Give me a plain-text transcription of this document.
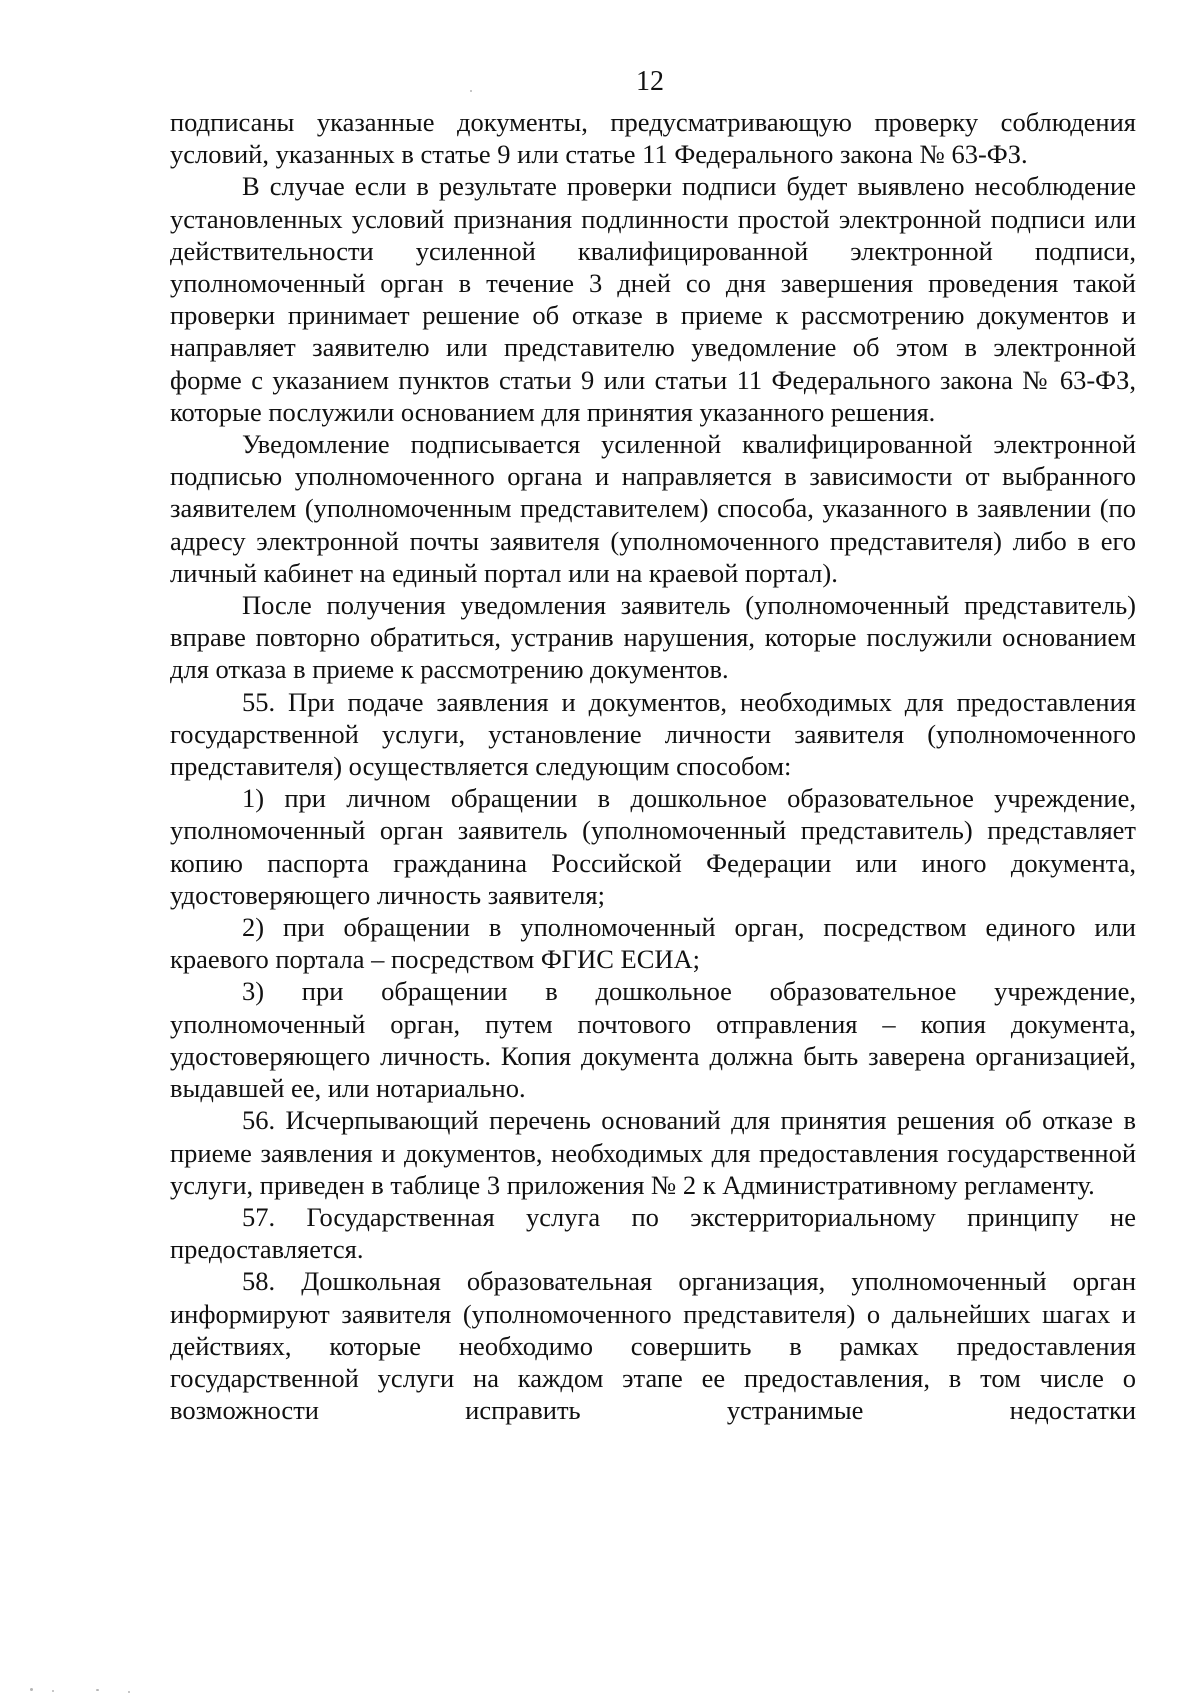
12

подписаны указанные документы, предусматривающую проверку соблюдения условий, указанных в статье 9 или статье 11 Федерального закона № 63-ФЗ.

В случае если в результате проверки подписи будет выявлено несоблюдение установленных условий признания подлинности простой электронной подписи или действительности усиленной квалифицированной электронной подписи, уполномоченный орган в течение 3 дней со дня завершения проведения такой проверки принимает решение об отказе в приеме к рассмотрению документов и направляет заявителю или представителю уведомление об этом в электронной форме с указанием пунктов статьи 9 или статьи 11 Федерального закона № 63-ФЗ, которые послужили основанием для принятия указанного решения.

Уведомление подписывается усиленной квалифицированной электронной подписью уполномоченного органа и направляется в зависимости от выбранного заявителем (уполномоченным представителем) способа, указанного в заявлении (по адресу электронной почты заявителя (уполномоченного представителя) либо в его личный кабинет на единый портал или на краевой портал).

После получения уведомления заявитель (уполномоченный представитель) вправе повторно обратиться, устранив нарушения, которые послужили основанием для отказа в приеме к рассмотрению документов.

55. При подаче заявления и документов, необходимых для предоставления государственной услуги, установление личности заявителя (уполномоченного представителя) осуществляется следующим способом:

1) при личном обращении в дошкольное образовательное учреждение, уполномоченный орган заявитель (уполномоченный представитель) представляет копию паспорта гражданина Российской Федерации или иного документа, удостоверяющего личность заявителя;

2) при обращении в уполномоченный орган, посредством единого или краевого портала – посредством ФГИС ЕСИА;

3) при обращении в дошкольное образовательное учреждение, уполномоченный орган, путем почтового отправления – копия документа, удостоверяющего личность. Копия документа должна быть заверена организацией, выдавшей ее, или нотариально.

56. Исчерпывающий перечень оснований для принятия решения об отказе в приеме заявления и документов, необходимых для предоставления государственной услуги, приведен в таблице 3 приложения № 2 к Административному регламенту.

57. Государственная услуга по экстерриториальному принципу не предоставляется.

58. Дошкольная образовательная организация, уполномоченный орган информируют заявителя (уполномоченного представителя) о дальнейших шагах и действиях, которые необходимо совершить в рамках предоставления государственной услуги на каждом этапе ее предоставления, в том числе о возможности исправить устранимые недостатки
